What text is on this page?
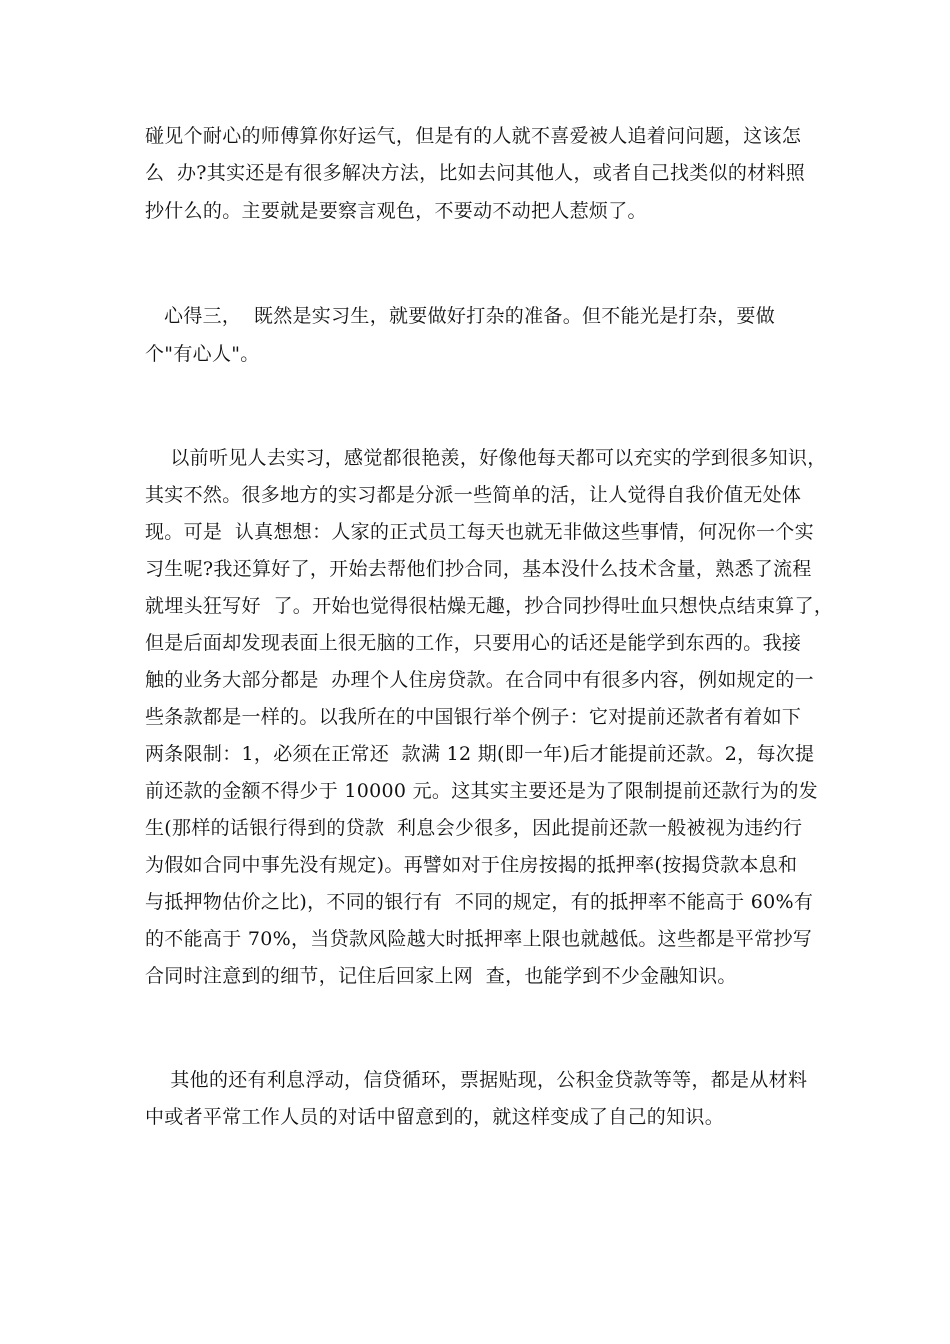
碰见个耐心的师傅算你好运气，但是有的人就不喜爱被人追着问问题，这该怎
么  办?其实还是有很多解决方法，比如去问其他人，或者自己找类似的材料照
抄什么的。主要就是要察言观色，不要动不动把人惹烦了。
心得三，  既然是实习生，就要做好打杂的准备。但不能光是打杂，要做
个"有心人"。
以前听见人去实习，感觉都很艳羡，好像他每天都可以充实的学到很多知识，
其实不然。很多地方的实习都是分派一些简单的活，让人觉得自我价值无处体
现。可是  认真想想：人家的正式员工每天也就无非做这些事情，何况你一个实
习生呢?我还算好了，开始去帮他们抄合同，基本没什么技术含量，熟悉了流程
就埋头狂写好  了。开始也觉得很枯燥无趣，抄合同抄得吐血只想快点结束算了，
但是后面却发现表面上很无脑的工作，只要用心的话还是能学到东西的。我接
触的业务大部分都是  办理个人住房贷款。在合同中有很多内容，例如规定的一
些条款都是一样的。以我所在的中国银行举个例子：它对提前还款者有着如下
两条限制：1，必须在正常还  款满 12 期(即一年)后才能提前还款。2，每次提
前还款的金额不得少于 10000 元。这其实主要还是为了限制提前还款行为的发
生(那样的话银行得到的贷款  利息会少很多，因此提前还款一般被视为违约行
为假如合同中事先没有规定)。再譬如对于住房按揭的抵押率(按揭贷款本息和
与抵押物估价之比)，不同的银行有  不同的规定，有的抵押率不能高于 60%有
的不能高于 70%，当贷款风险越大时抵押率上限也就越低。这些都是平常抄写
合同时注意到的细节，记住后回家上网  查，也能学到不少金融知识。
其他的还有利息浮动，信贷循环，票据贴现，公积金贷款等等，都是从材料
中或者平常工作人员的对话中留意到的，就这样变成了自己的知识。
